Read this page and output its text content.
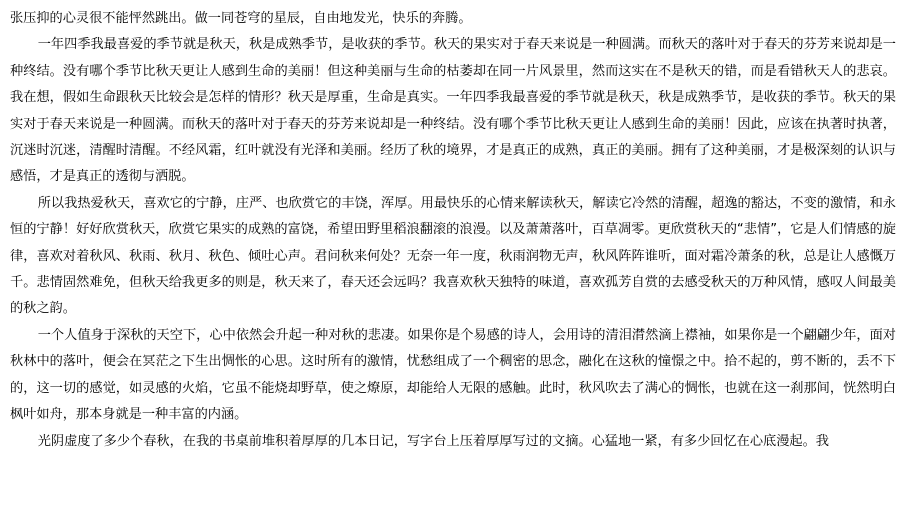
张压抑的心灵很不能怦然跳出。做一同苍穹的星辰，自由地发光，快乐的奔腾。

一年四季我最喜爱的季节就是秋天，秋是成熟季节，是收获的季节。秋天的果实对于春天来说是一种圆满。而秋天的落叶对于春天的芬芳来说却是一种终结。没有哪个季节比秋天更让人感到生命的美丽！但这种美丽与生命的枯萎却在同一片风景里，然而这实在不是秋天的错，而是看错秋天人的悲哀。我在想，假如生命跟秋天比较会是怎样的情形？秋天是厚重，生命是真实。一年四季我最喜爱的季节就是秋天，秋是成熟季节，是收获的季节。秋天的果实对于春天来说是一种圆满。而秋天的落叶对于春天的芬芳来说却是一种终结。没有哪个季节比秋天更让人感到生命的美丽！因此，应该在执著时执著，沉迷时沉迷，清醒时清醒。不经风霜，红叶就没有光泽和美丽。经历了秋的境界，才是真正的成熟，真正的美丽。拥有了这种美丽，才是极深刻的认识与感悟，才是真正的透彻与洒脱。

所以我热爱秋天，喜欢它的宁静，庄严、也欣赏它的丰饶，浑厚。用最快乐的心情来解读秋天，解读它冷然的清醒，超逸的豁达，不变的激情，和永恒的宁静！好好欣赏秋天，欣赏它果实的成熟的富饶，希望田野里稻浪翻滚的浪漫。以及萧萧落叶，百草凋零。更欣赏秋天的“悲情”，它是人们情感的旋律，喜欢对着秋风、秋雨、秋月、秋色、倾吐心声。君问秋来何处？无奈一年一度，秋雨润物无声，秋风阵阵谁听，面对霜冷萧条的秋，总是让人感慨万千。悲情固然难免，但秋天给我更多的则是，秋天来了，春天还会远吗？我喜欢秋天独特的味道，喜欢孤芳自赏的去感受秋天的万种风情，感叹人间最美的秋之韵。

一个人值身于深秋的天空下，心中依然会升起一种对秋的悲凄。如果你是个易感的诗人，会用诗的清泪潸然滴上襟袖，如果你是一个翩翩少年，面对秋林中的落叶，便会在冥茫之下生出惆怅的心思。这时所有的激情，忧愁组成了一个稠密的思念，融化在这秋的憧憬之中。拾不起的，剪不断的，丢不下的，这一切的感觉，如灵感的火焰，它虽不能烧却野草，使之燎原，却能给人无限的感触。此时，秋风吹去了满心的惆怅，也就在这一刹那间，恍然明白枫叶如舟，那本身就是一种丰富的内涵。

光阴虚度了多少个春秋，在我的书桌前堆积着厚厚的几本日记，写字台上压着厚厚写过的文摘。心猛地一紧，有多少回忆在心底漫起。我
